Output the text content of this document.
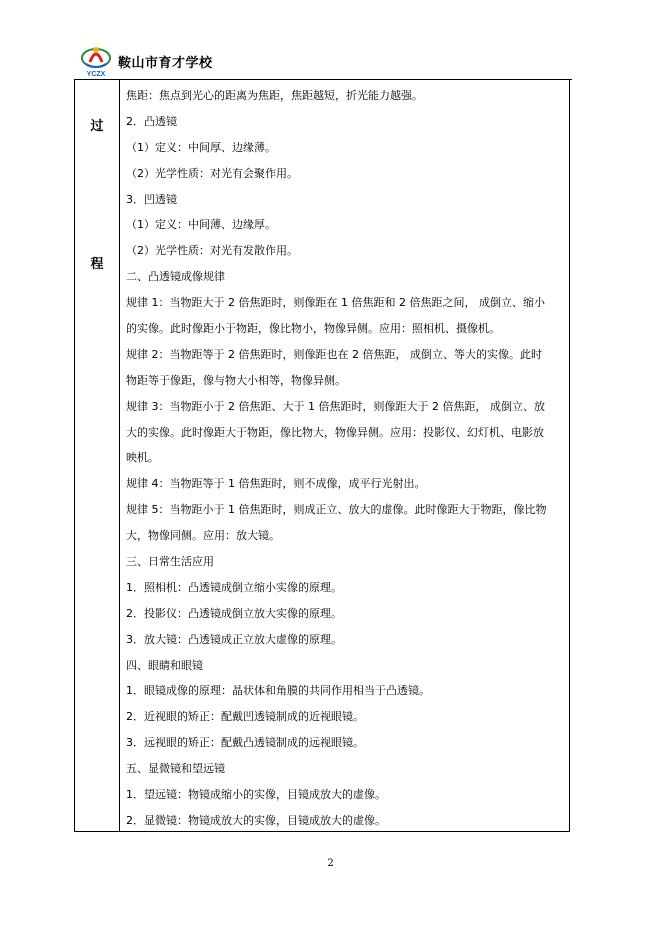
YCZX
鞍山市育才学校
过
程
焦距：焦点到光心的距离为焦距，焦距越短，折光能力越强。
2．凸透镜
（1）定义：中间厚、边缘薄。
（2）光学性质：对光有会聚作用。
3．凹透镜
（1）定义：中间薄、边缘厚。
（2）光学性质：对光有发散作用。
二、凸透镜成像规律
规律 1：当物距大于 2 倍焦距时，则像距在 1 倍焦距和 2 倍焦距之间， 成倒立、缩小
的实像。此时像距小于物距，像比物小，物像异侧。应用：照相机、摄像机。
规律 2：当物距等于 2 倍焦距时，则像距也在 2 倍焦距， 成倒立、等大的实像。此时
物距等于像距，像与物大小相等，物像异侧。
规律 3：当物距小于 2 倍焦距、大于 1 倍焦距时，则像距大于 2 倍焦距， 成倒立、放
大的实像。此时像距大于物距，像比物大，物像异侧。应用：投影仪、幻灯机、电影放
映机。
规律 4：当物距等于 1 倍焦距时，则不成像，成平行光射出。
规律 5：当物距小于 1 倍焦距时，则成正立、放大的虚像。此时像距大于物距，像比物
大，物像同侧。应用：放大镜。
三、日常生活应用
1．照相机：凸透镜成倒立缩小实像的原理。
2．投影仪：凸透镜成倒立放大实像的原理。
3．放大镜：凸透镜成正立放大虚像的原理。
四、眼睛和眼镜
1．眼镜成像的原理：晶状体和角膜的共同作用相当于凸透镜。
2．近视眼的矫正：配戴凹透镜制成的近视眼镜。
3．远视眼的矫正：配戴凸透镜制成的远视眼镜。
五、显微镜和望远镜
1．望远镜：物镜成缩小的实像，目镜成放大的虚像。
2．显微镜：物镜成放大的实像，目镜成放大的虚像。
2
